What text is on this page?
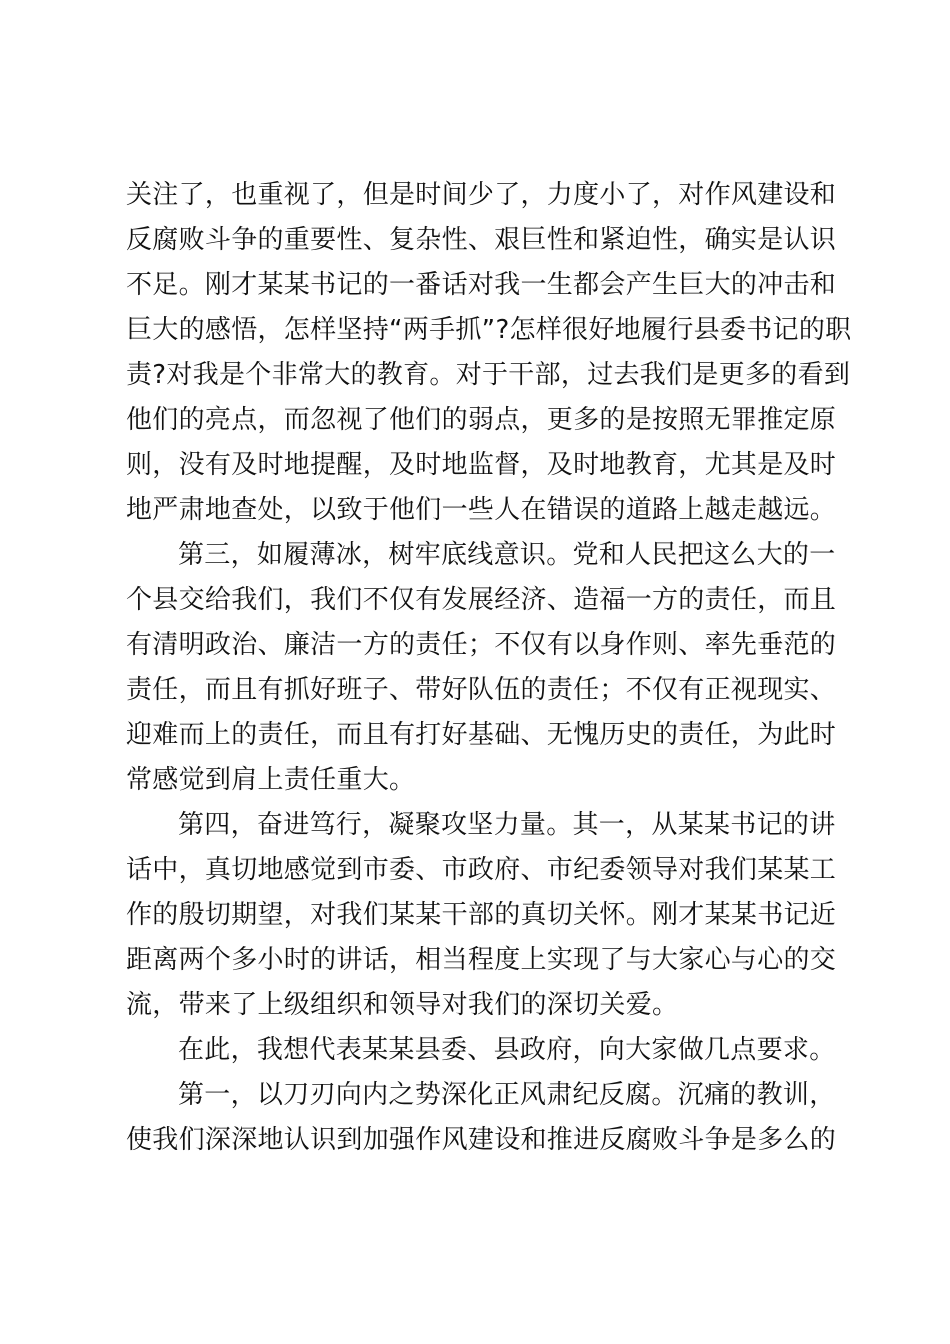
关注了，也重视了，但是时间少了，力度小了，对作风建设和
反腐败斗争的重要性、复杂性、艰巨性和紧迫性，确实是认识
不足。刚才某某书记的一番话对我一生都会产生巨大的冲击和
巨大的感悟，怎样坚持“两手抓”?怎样很好地履行县委书记的职
责?对我是个非常大的教育。对于干部，过去我们是更多的看到
他们的亮点，而忽视了他们的弱点，更多的是按照无罪推定原
则，没有及时地提醒，及时地监督，及时地教育，尤其是及时
地严肃地查处，以致于他们一些人在错误的道路上越走越远。
第三，如履薄冰，树牢底线意识。党和人民把这么大的一
个县交给我们，我们不仅有发展经济、造福一方的责任，而且
有清明政治、廉洁一方的责任；不仅有以身作则、率先垂范的
责任，而且有抓好班子、带好队伍的责任；不仅有正视现实、
迎难而上的责任，而且有打好基础、无愧历史的责任，为此时
常感觉到肩上责任重大。
第四，奋进笃行，凝聚攻坚力量。其一，从某某书记的讲
话中，真切地感觉到市委、市政府、市纪委领导对我们某某工
作的殷切期望，对我们某某干部的真切关怀。刚才某某书记近
距离两个多小时的讲话，相当程度上实现了与大家心与心的交
流，带来了上级组织和领导对我们的深切关爱。
在此，我想代表某某县委、县政府，向大家做几点要求。
第一，以刀刃向内之势深化正风肃纪反腐。沉痛的教训，
使我们深深地认识到加强作风建设和推进反腐败斗争是多么的
